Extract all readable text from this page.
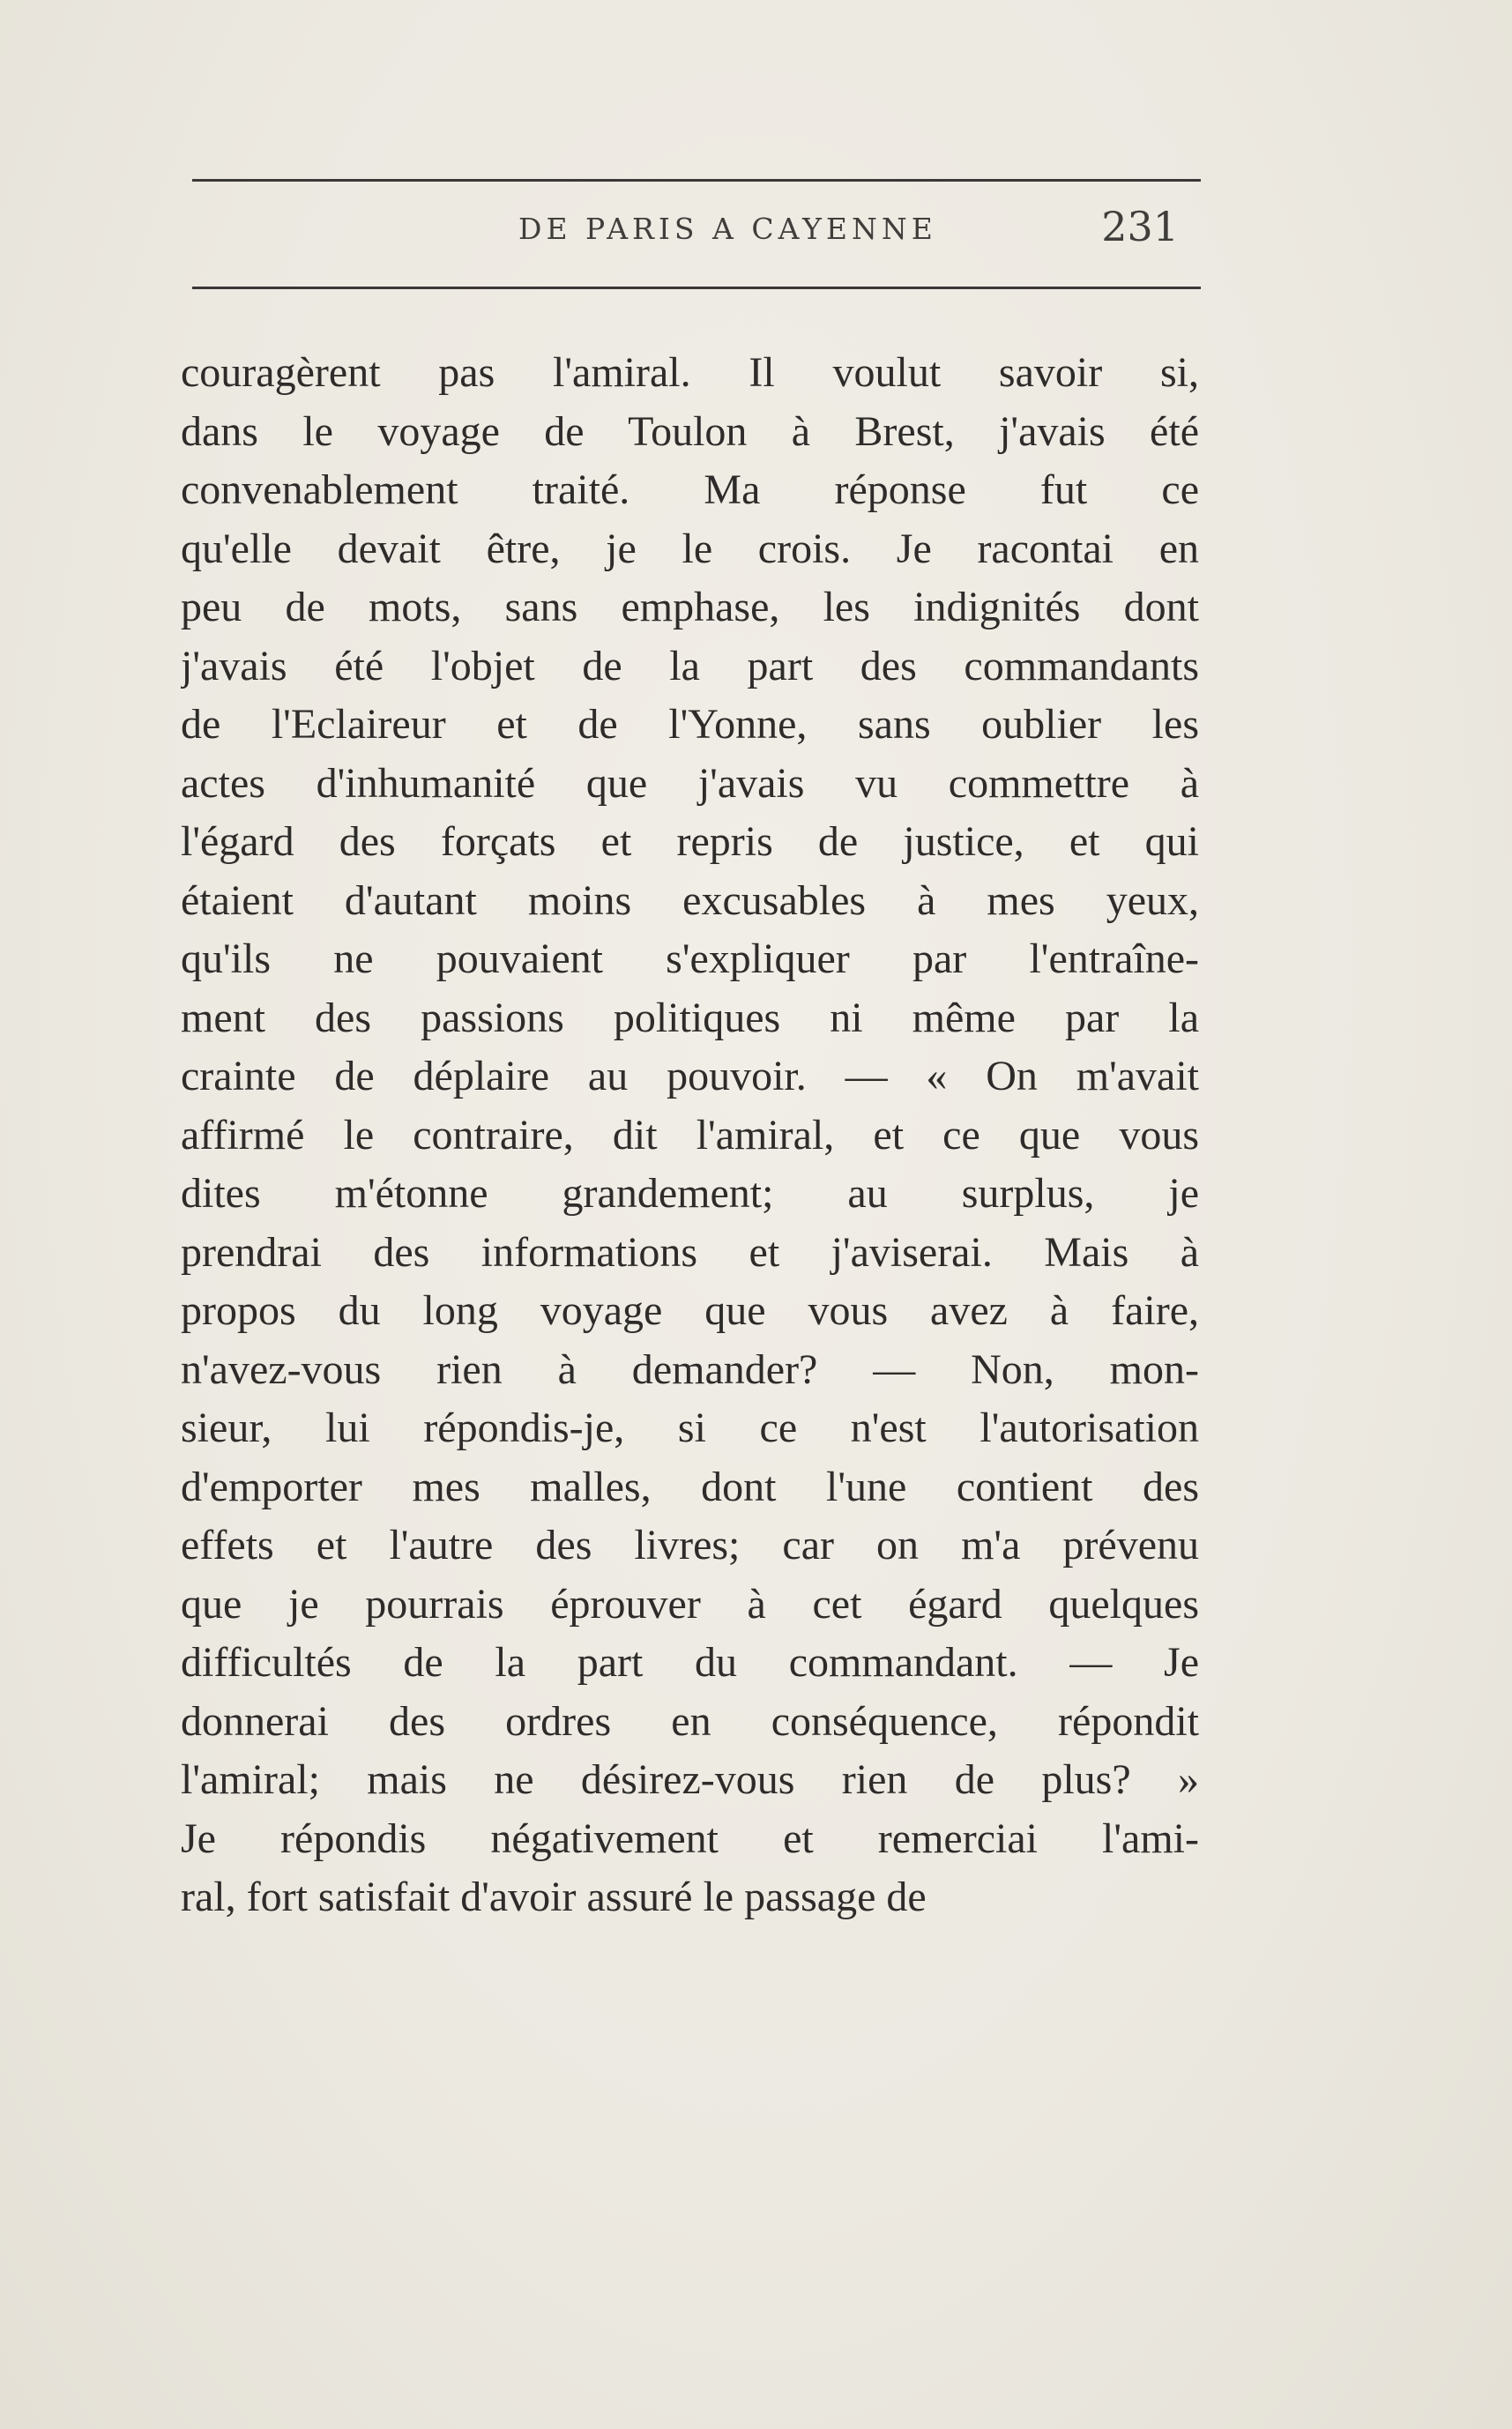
DE PARIS A CAYENNE	231
couragèrent pas l'amiral. Il voulut savoir si,
dans le voyage de Toulon à Brest, j'avais été
convenablement traité. Ma réponse fut ce
qu'elle devait être, je le crois. Je racontai en
peu de mots, sans emphase, les indignités dont
j'avais été l'objet de la part des commandants
de l'Eclaireur et de l'Yonne, sans oublier les
actes d'inhumanité que j'avais vu commettre à
l'égard des forçats et repris de justice, et qui
étaient d'autant moins excusables à mes yeux,
qu'ils ne pouvaient s'expliquer par l'entraîne-
ment des passions politiques ni même par la
crainte de déplaire au pouvoir. — « On m'avait
affirmé le contraire, dit l'amiral, et ce que vous
dites m'étonne grandement; au surplus, je
prendrai des informations et j'aviserai. Mais à
propos du long voyage que vous avez à faire,
n'avez-vous rien à demander? — Non, mon-
sieur, lui répondis-je, si ce n'est l'autorisation
d'emporter mes malles, dont l'une contient des
effets et l'autre des livres; car on m'a prévenu
que je pourrais éprouver à cet égard quelques
difficultés de la part du commandant. — Je
donnerai des ordres en conséquence, répondit
l'amiral; mais ne désirez-vous rien de plus? »
Je répondis négativement et remerciai l'ami-
ral, fort satisfait d'avoir assuré le passage de
